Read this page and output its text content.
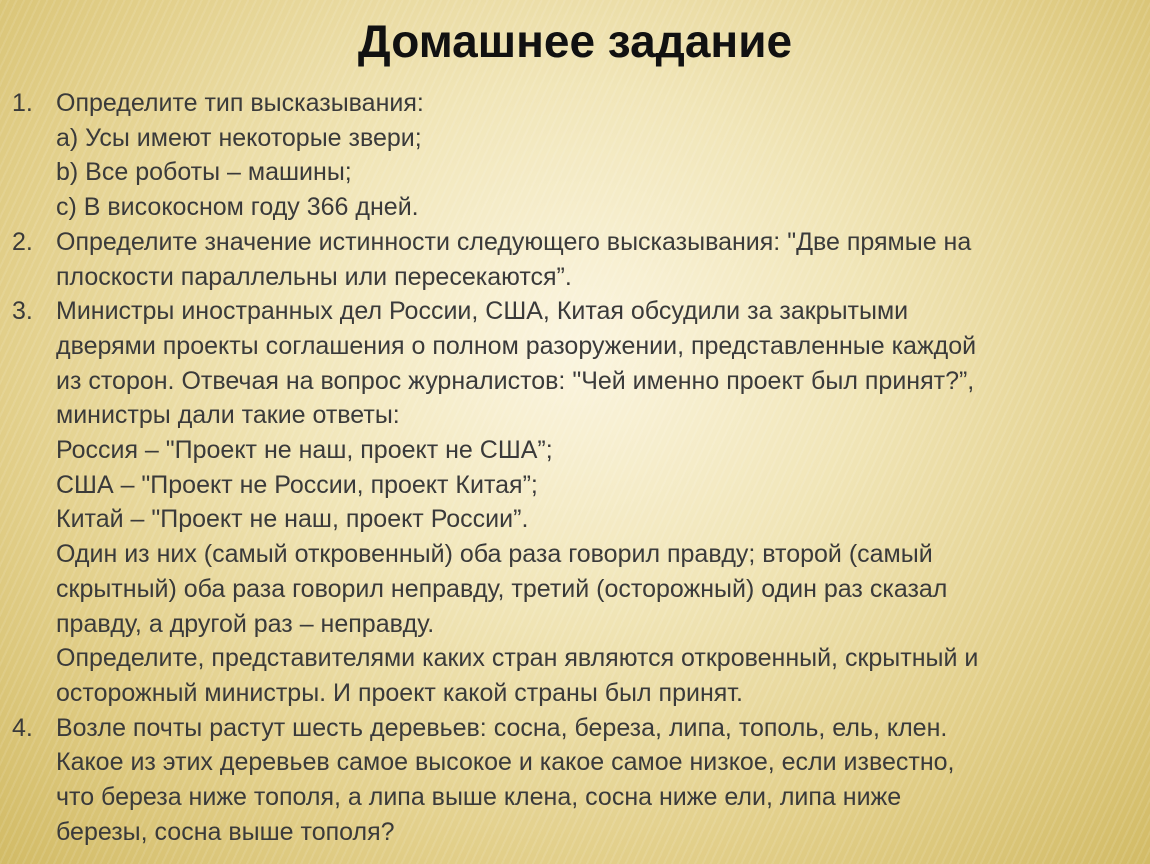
Домашнее задание
1. Определите тип высказывания:
a) Усы имеют некоторые звери;
b) Все роботы – машины;
c) В високосном году 366 дней.
2. Определите значение истинности следующего высказывания: "Две прямые на
плоскости параллельны или пересекаются”.
3. Министры иностранных дел России, США, Китая обсудили за закрытыми
дверями проекты соглашения о полном разоружении, представленные каждой
из сторон. Отвечая на вопрос журналистов: "Чей именно проект был принят?”,
министры дали такие ответы:
Россия – "Проект не наш, проект не США”;
США – "Проект не России, проект Китая”;
Китай – "Проект не наш, проект России”.
Один из них (самый откровенный) оба раза говорил правду; второй (самый
скрытный) оба раза говорил неправду, третий (осторожный) один раз сказал
правду, а другой раз – неправду.
Определите, представителями каких стран являются откровенный, скрытный и
осторожный министры. И проект какой страны был принят.
4. Возле почты растут шесть деревьев: сосна, береза, липа, тополь, ель, клен.
Какое из этих деревьев самое высокое и какое самое низкое, если известно,
что береза ниже тополя, а липа выше клена, сосна ниже ели, липа ниже
березы, сосна выше тополя?
